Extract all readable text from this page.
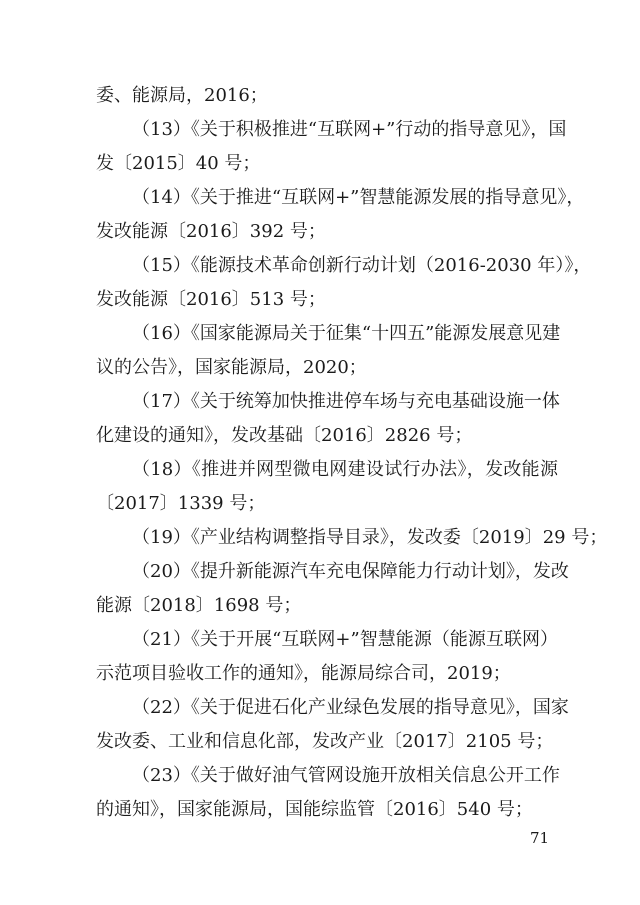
委、能源局，2016；
（13）《关于积极推进“互联网+”行动的指导意见》，国
发〔2015〕40 号；
（14）《关于推进“互联网+”智慧能源发展的指导意见》，
发改能源〔2016〕392 号；
（15）《能源技术革命创新行动计划（2016-2030 年）》，
发改能源〔2016〕513 号；
（16）《国家能源局关于征集“十四五”能源发展意见建
议的公告》，国家能源局，2020；
（17）《关于统筹加快推进停车场与充电基础设施一体
化建设的通知》，发改基础〔2016〕2826 号；
（18）《推进并网型微电网建设试行办法》，发改能源
〔2017〕1339 号；
（19）《产业结构调整指导目录》，发改委〔2019〕29 号；
（20）《提升新能源汽车充电保障能力行动计划》，发改
能源〔2018〕1698 号；
（21）《关于开展“互联网+”智慧能源（能源互联网）
示范项目验收工作的通知》，能源局综合司，2019；
（22）《关于促进石化产业绿色发展的指导意见》，国家
发改委、工业和信息化部，发改产业〔2017〕2105 号；
（23）《关于做好油气管网设施开放相关信息公开工作
的通知》，国家能源局，国能综监管〔2016〕540 号；
71
